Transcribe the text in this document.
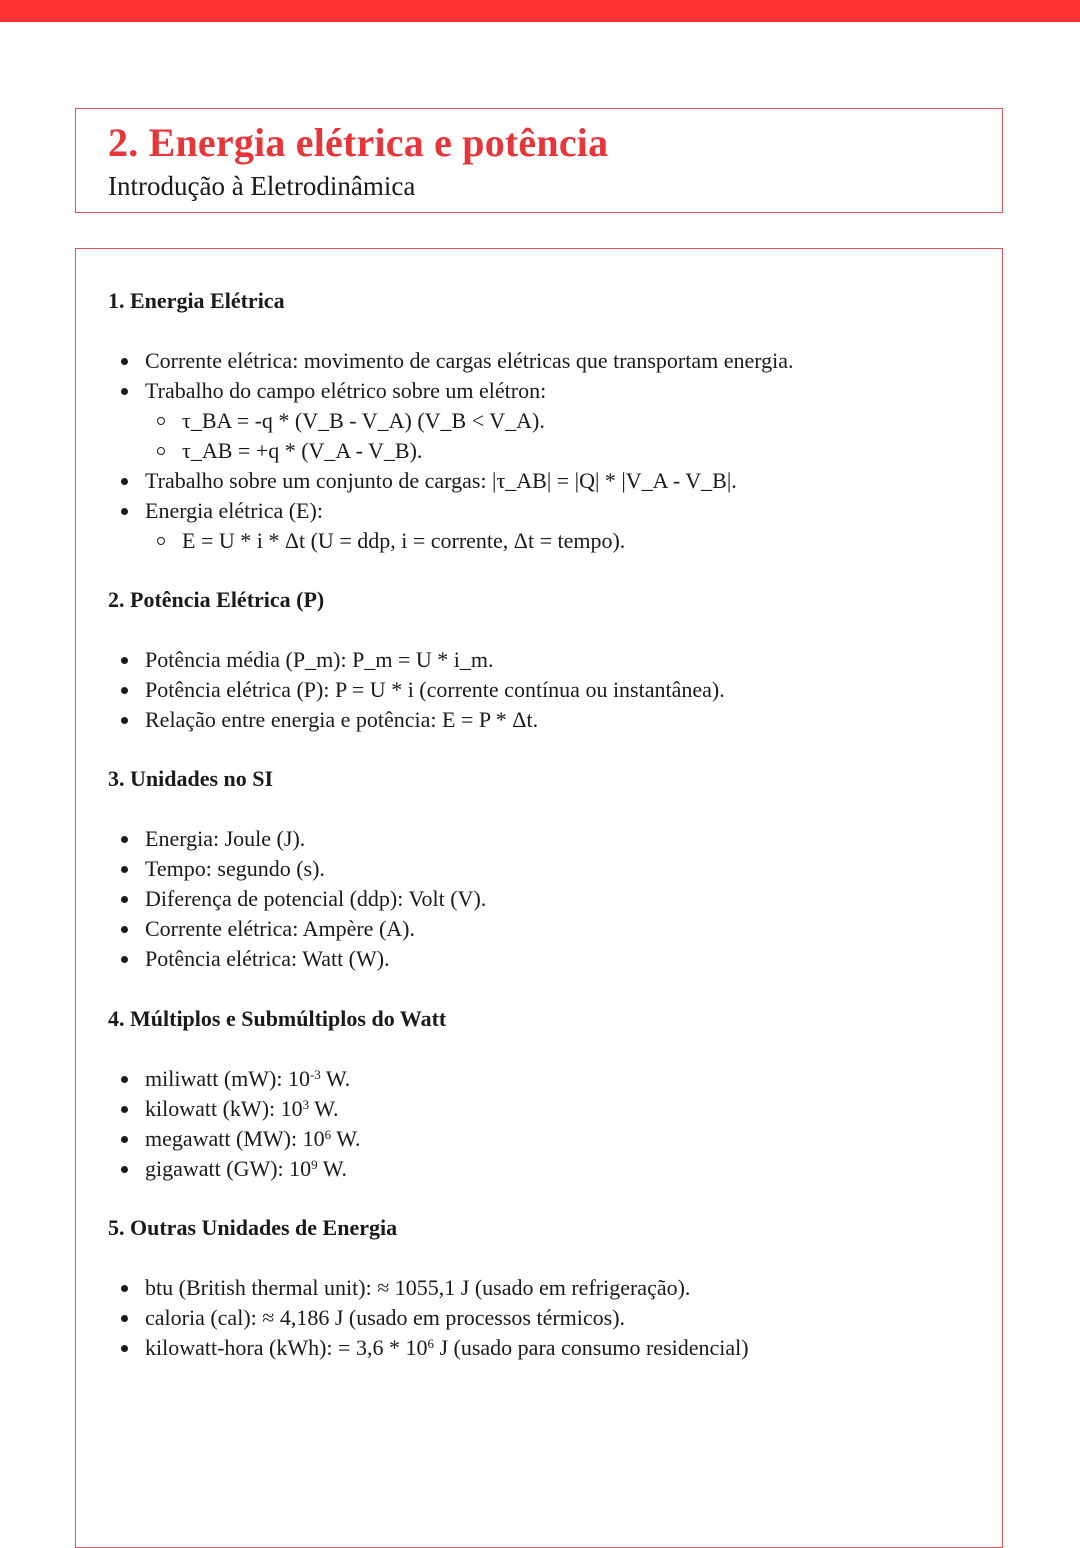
2. Energia elétrica e potência

Introdução à Eletrodinâmica

1. Energia Elétrica
Corrente elétrica: movimento de cargas elétricas que transportam energia.
Trabalho do campo elétrico sobre um elétron:
τ_BA = -q * (V_B - V_A) (V_B < V_A).
τ_AB = +q * (V_A - V_B).
Trabalho sobre um conjunto de cargas: |τ_AB| = |Q| * |V_A - V_B|.
Energia elétrica (E):
E = U * i * Δt (U = ddp, i = corrente, Δt = tempo).
2. Potência Elétrica (P)
Potência média (P_m): P_m = U * i_m.
Potência elétrica (P): P = U * i (corrente contínua ou instantânea).
Relação entre energia e potência: E = P * Δt.
3. Unidades no SI
Energia: Joule (J).
Tempo: segundo (s).
Diferença de potencial (ddp): Volt (V).
Corrente elétrica: Ampère (A).
Potência elétrica: Watt (W).
4. Múltiplos e Submúltiplos do Watt
miliwatt (mW): $10^{-3}$ W.
kilowatt (kW): $10^3$ W.
megawatt (MW): $10^6$ W.
gigawatt (GW): $10^9$ W.
5. Outras Unidades de Energia
btu (British thermal unit): ≈ 1055,1 J (usado em refrigeração).
caloria (cal): ≈ 4,186 J (usado em processos térmicos).
kilowatt-hora (kWh): = $3,6 * 10^6$ J (usado para consumo residencial)
